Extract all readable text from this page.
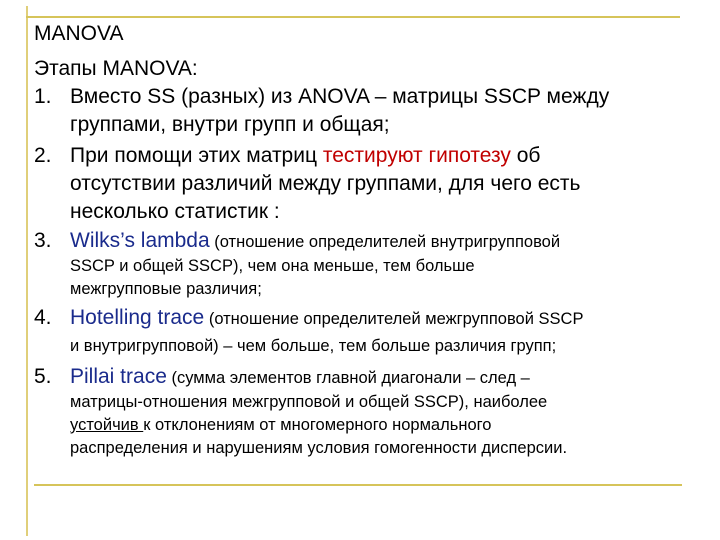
MANOVA
Этапы MANOVA:
1. Вместо SS (разных) из ANOVA – матрицы SSCP между
группами, внутри групп и общая;
2. При помощи этих матриц тестируют гипотезу об
отсутствии различий между группами, для чего есть
несколько статистик :
3. Wilks’s lambda (отношение определителей внутригрупповой
SSCP и общей SSCP), чем она меньше, тем больше
межгрупповые различия;
4. Hotelling trace (отношение определителей межгрупповой SSCP
и внутригрупповой) – чем больше, тем больше различия групп;
5. Pillai trace (сумма элементов главной диагонали – след –
матрицы-отношения межгрупповой и общей SSCP), наиболее
устойчив к отклонениям от многомерного нормального
распределения и нарушениям условия гомогенности дисперсии.
